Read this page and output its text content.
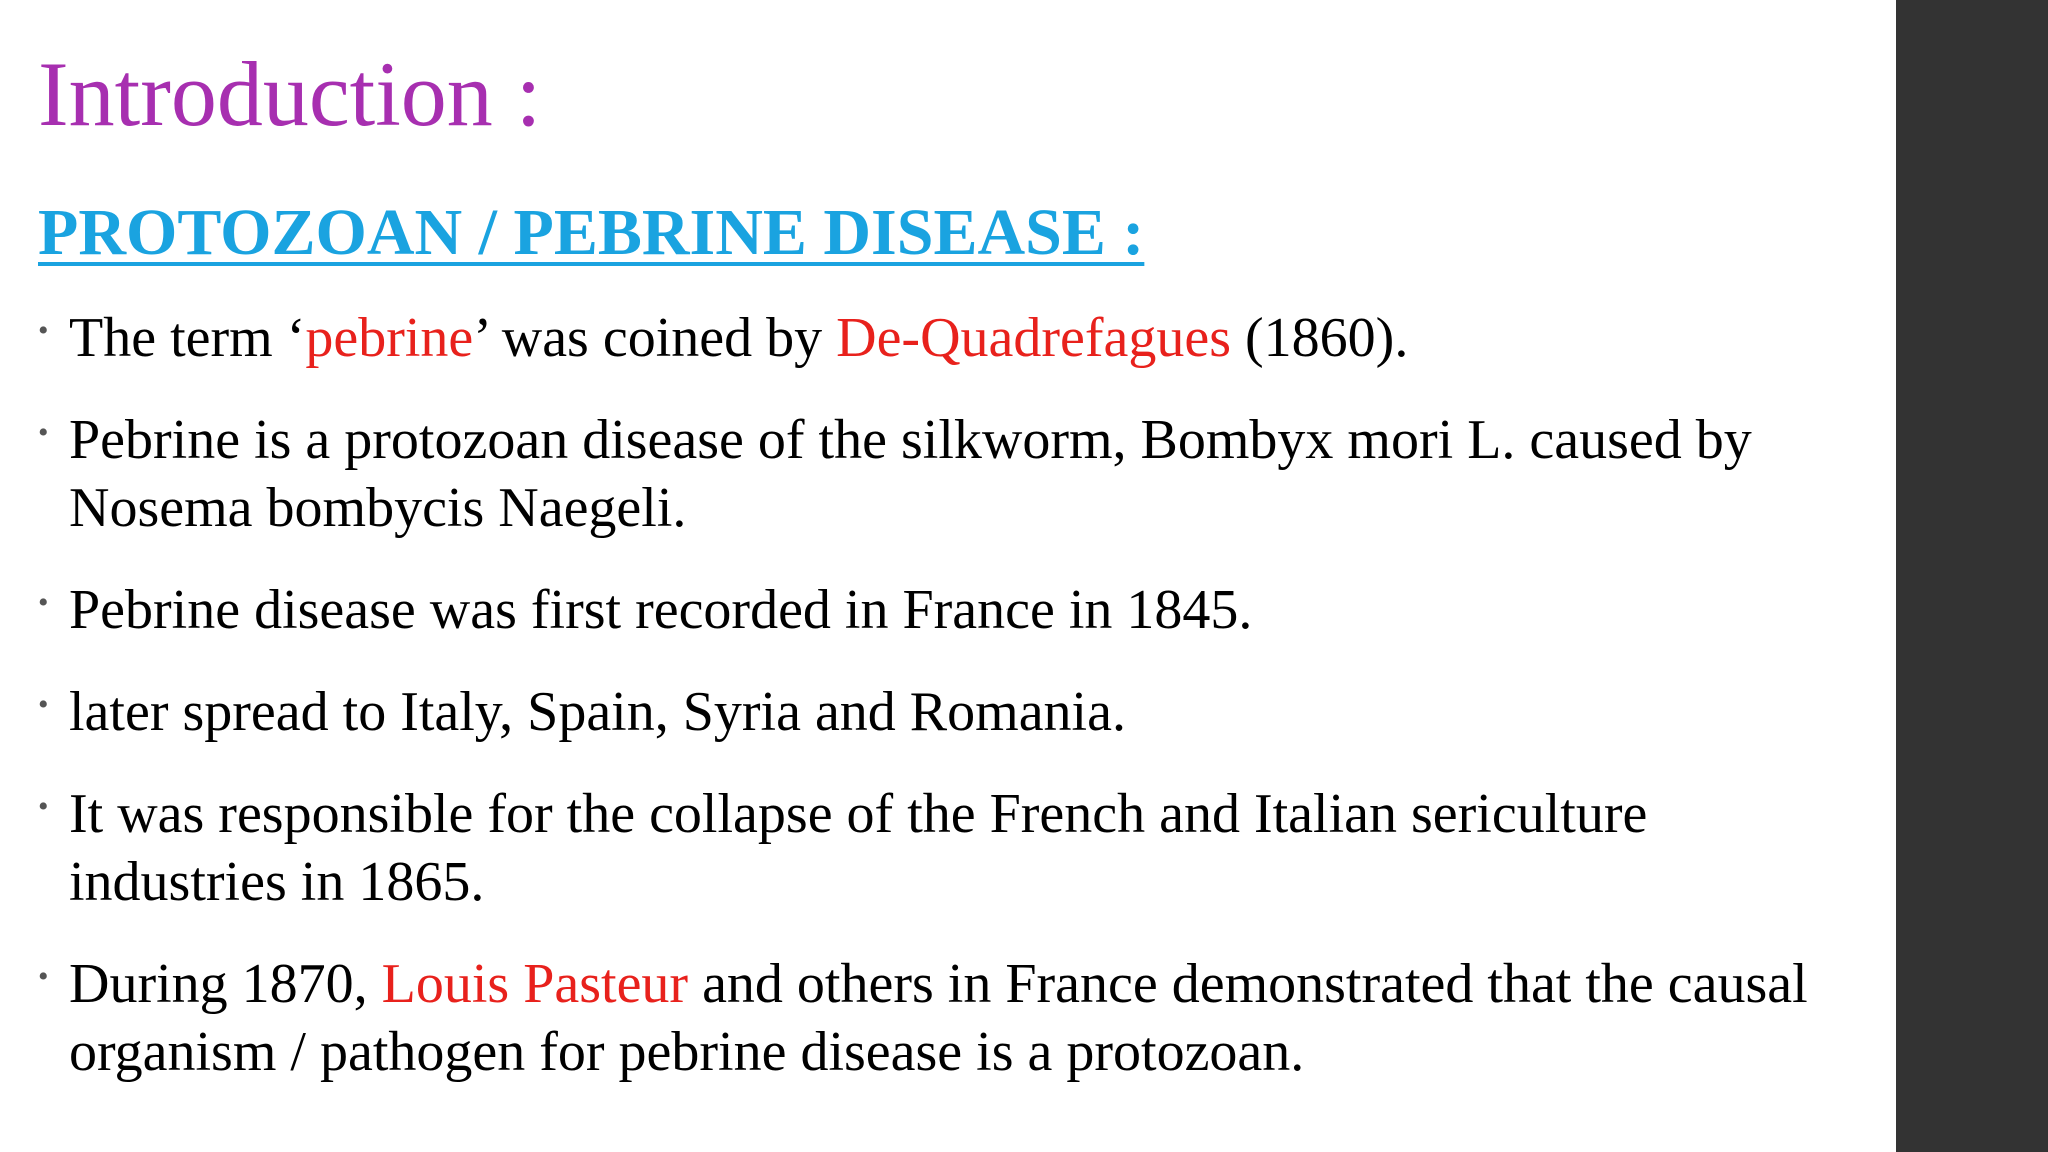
Introduction :
PROTOZOAN / PEBRINE DISEASE :
• The term ‘pebrine’ was coined by De-Quadrefagues (1860).
• Pebrine is a protozoan disease of the silkworm, Bombyx mori L. caused by Nosema bombycis Naegeli.
• Pebrine disease was first recorded in France in 1845.
• later spread to Italy, Spain, Syria and Romania.
• It was responsible for the collapse of the French and Italian sericulture industries in 1865.
• During 1870, Louis Pasteur and others in France demonstrated that the causal organism / pathogen for pebrine disease is a protozoan.
